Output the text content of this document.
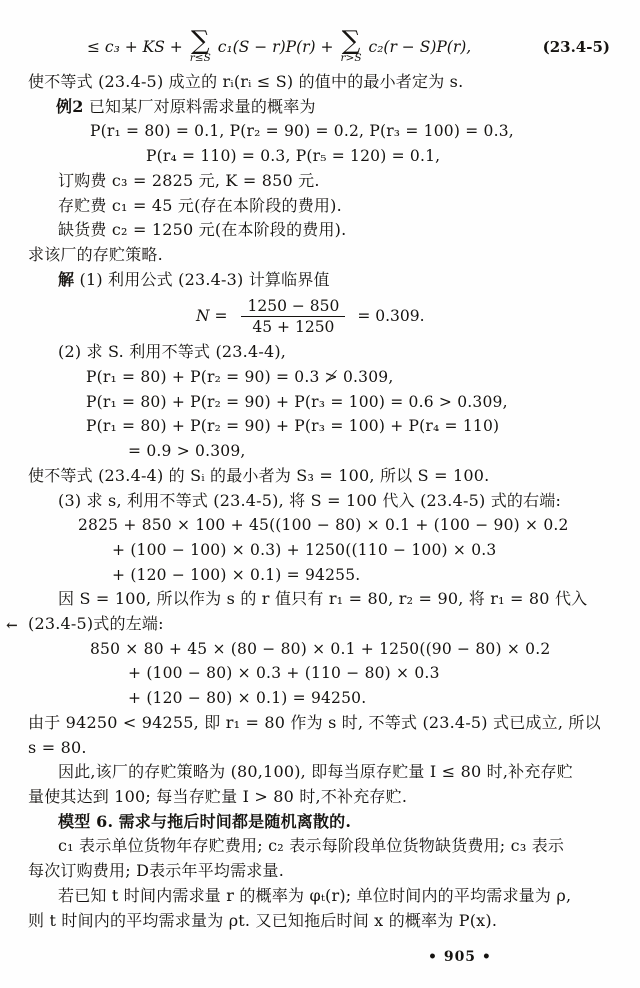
≤ c₃ + KS + ∑
r≤S
c₁(S − r)P(r) + ∑
r>S
c₂(r − S)P(r),	(23.4-5)
使不等式 (23.4-5) 成立的 rᵢ(rᵢ ≤ S) 的值中的最小者定为 s.
例2 已知某厂对原料需求量的概率为
P(r₁ = 80) = 0.1, P(r₂ = 90) = 0.2, P(r₃ = 100) = 0.3,
P(r₄ = 110) = 0.3, P(r₅ = 120) = 0.1,
订购费 c₃ = 2825 元, K = 850 元.
存贮费 c₁ = 45 元(存在本阶段的费用).
缺货费 c₂ = 1250 元(在本阶段的费用).
求该厂的存贮策略.
解 (1) 利用公式 (23.4-3) 计算临界值
$N = \frac{1250 - 850}{45 + 1250} = 0.309$.
(2) 求 S. 利用不等式 (23.4-4),
P(r₁ = 80) + P(r₂ = 90) = 0.3 ≯ 0.309,
P(r₁ = 80) + P(r₂ = 90) + P(r₃ = 100) = 0.6 > 0.309,
P(r₁ = 80) + P(r₂ = 90) + P(r₃ = 100) + P(r₄ = 110)
= 0.9 > 0.309,
使不等式 (23.4-4) 的 Sᵢ 的最小者为 S₃ = 100, 所以 S = 100.
(3) 求 s, 利用不等式 (23.4-5), 将 S = 100 代入 (23.4-5) 式的右端:
2825 + 850 × 100 + 45((100 − 80) × 0.1 + (100 − 90) × 0.2
+ (100 − 100) × 0.3) + 1250((110 − 100) × 0.3
+ (120 − 100) × 0.1) = 94255.
因 S = 100, 所以作为 s 的 r 值只有 r₁ = 80, r₂ = 90, 将 r₁ = 80 代入
← (23.4-5)式的左端:
850 × 80 + 45 × (80 − 80) × 0.1 + 1250((90 − 80) × 0.2
+ (100 − 80) × 0.3 + (110 − 80) × 0.3
+ (120 − 80) × 0.1) = 94250.
由于 94250 < 94255, 即 r₁ = 80 作为 s 时, 不等式 (23.4-5) 式已成立, 所以
s = 80.
因此,该厂的存贮策略为 (80,100), 即每当原存贮量 I ≤ 80 时,补充存贮
量使其达到 100; 每当存贮量 I > 80 时,不补充存贮.
模型 6. 需求与拖后时间都是随机离散的.
c₁ 表示单位货物年存贮费用; c₂ 表示每阶段单位货物缺货费用; c₃ 表示
每次订购费用; D表示年平均需求量.
若已知 t 时间内需求量 r 的概率为 φₜ(r); 单位时间内的平均需求量为 ρ,
则 t 时间内的平均需求量为 ρt. 又已知拖后时间 x 的概率为 P(x).
• 905 •
